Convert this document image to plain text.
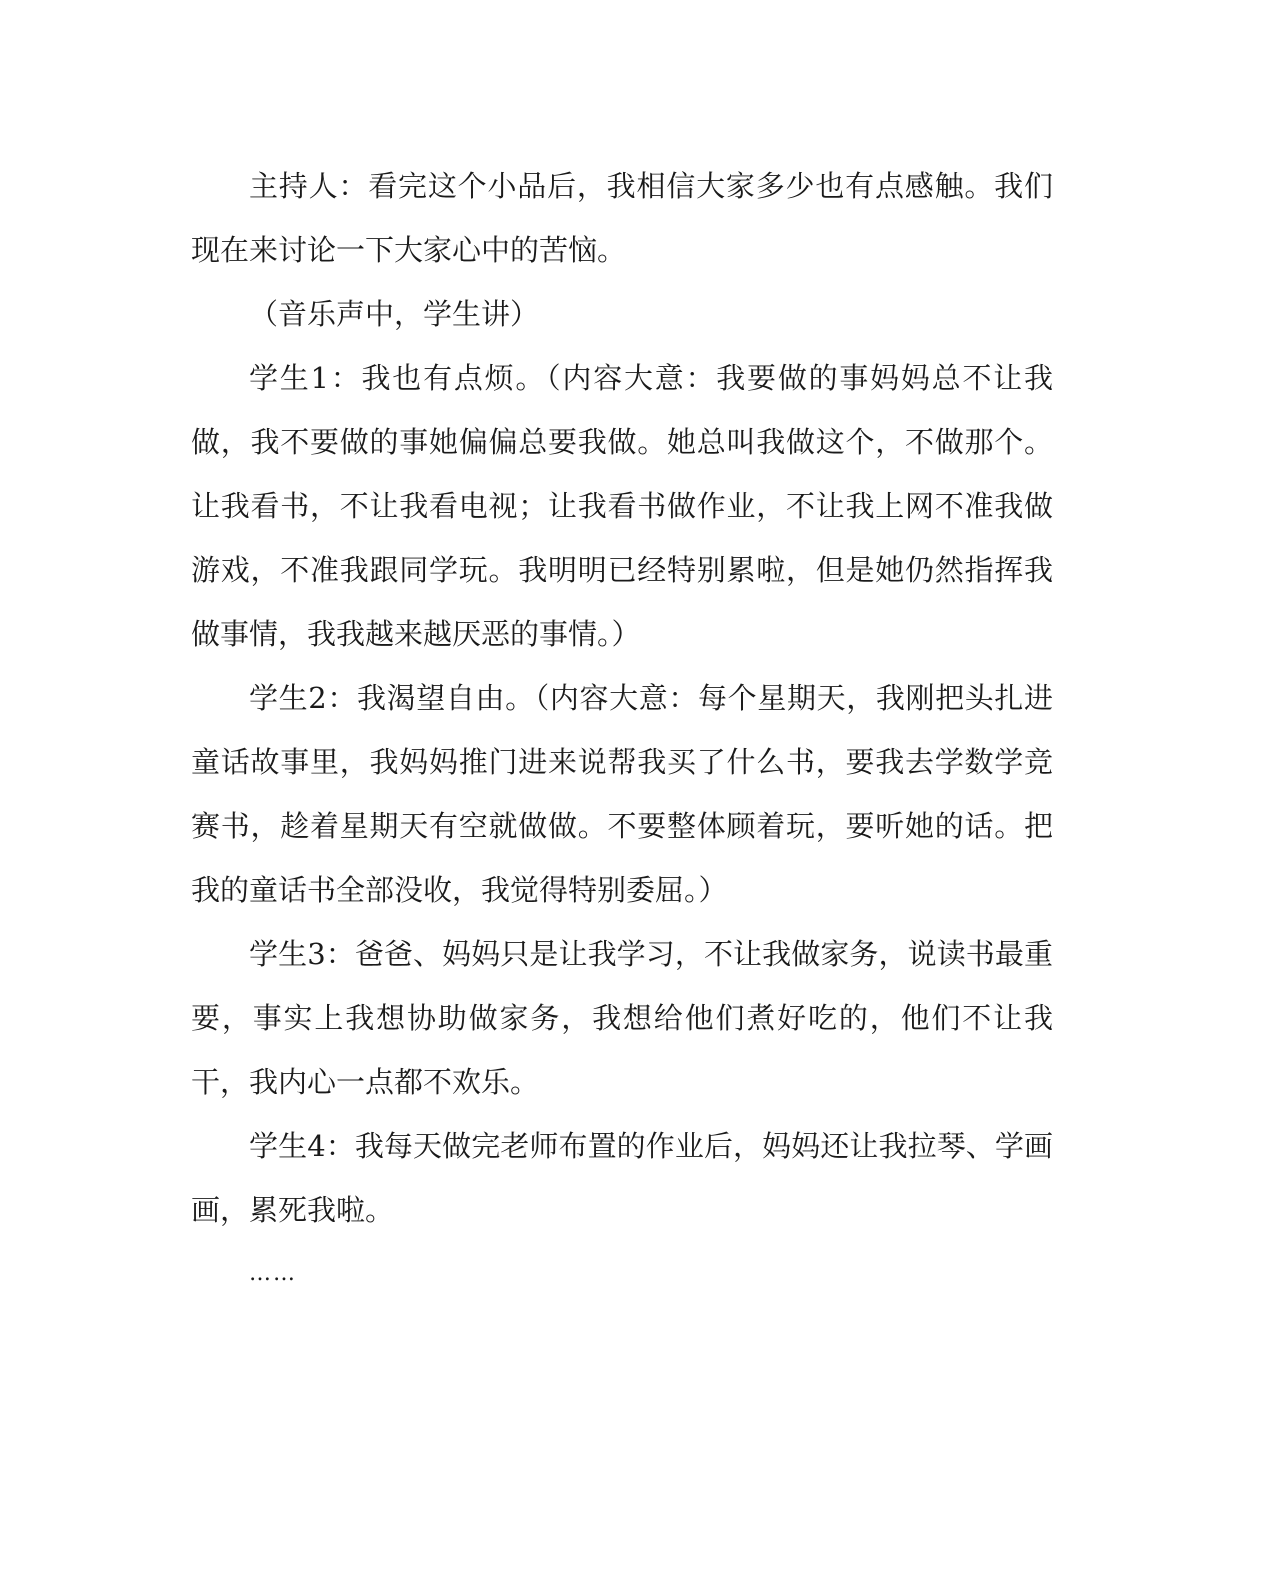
主持人：看完这个小品后，我相信大家多少也有点感触。我们现在来讨论一下大家心中的苦恼。

（音乐声中，学生讲）

学生1：我也有点烦。（内容大意：我要做的事妈妈总不让我做，我不要做的事她偏偏总要我做。她总叫我做这个，不做那个。让我看书，不让我看电视；让我看书做作业，不让我上网不准我做游戏，不准我跟同学玩。我明明已经特别累啦，但是她仍然指挥我做事情，我我越来越厌恶的事情。）

学生2：我渴望自由。（内容大意：每个星期天，我刚把头扎进童话故事里，我妈妈推门进来说帮我买了什么书，要我去学数学竞赛书，趁着星期天有空就做做。不要整体顾着玩，要听她的话。把我的童话书全部没收，我觉得特别委屈。）

学生3：爸爸、妈妈只是让我学习，不让我做家务，说读书最重要，事实上我想协助做家务，我想给他们煮好吃的，他们不让我干，我内心一点都不欢乐。

学生4：我每天做完老师布置的作业后，妈妈还让我拉琴、学画画，累死我啦。

……
